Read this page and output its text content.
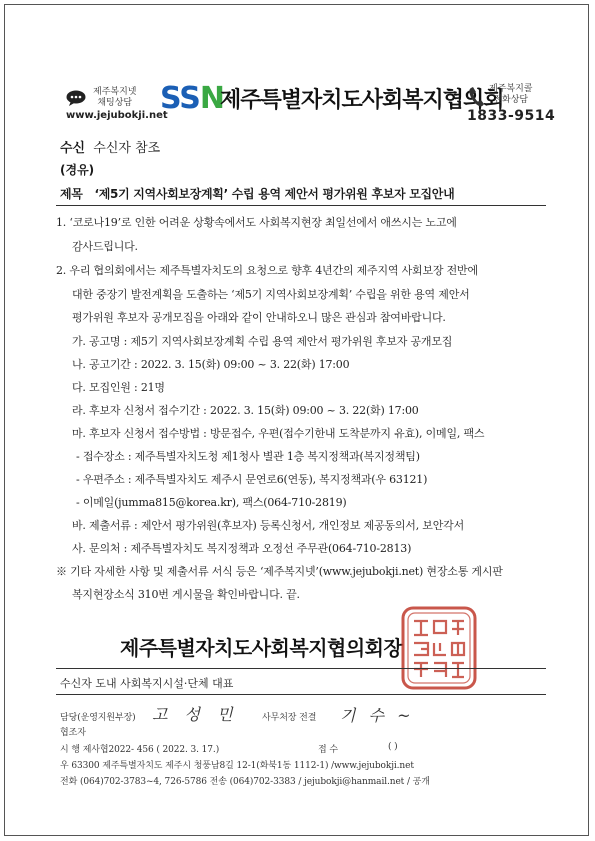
제주복지넷
채팅상담
www.jejubokji.net
SSN
제주특별자치도사회복지협의회
제주복지콜
전화상담
1833-9514
수신 수신자 참조
(경유)
제목 ‘제5기 지역사회보장계획’ 수립 용역 제안서 평가위원 후보자 모집안내
1. ‘코로나19’로 인한 어려운 상황속에서도 사회복지현장 최일선에서 애쓰시는 노고에
감사드립니다.
2. 우리 협의회에서는 제주특별자치도의 요청으로 향후 4년간의 제주지역 사회보장 전반에
대한 중장기 발전계획을 도출하는 ‘제5기 지역사회보장계획’ 수립을 위한 용역 제안서
평가위원 후보자 공개모집을 아래와 같이 안내하오니 많은 관심과 참여바랍니다.
가. 공고명 : 제5기 지역사회보장계획 수립 용역 제안서 평가위원 후보자 공개모집
나. 공고기간 : 2022. 3. 15(화) 09:00 ~ 3. 22(화) 17:00
다. 모집인원 : 21명
라. 후보자 신청서 접수기간 : 2022. 3. 15(화) 09:00 ~ 3. 22(화) 17:00
마. 후보자 신청서 접수방법 : 방문접수, 우편(접수기한내 도착분까지 유효), 이메일, 팩스
- 접수장소 : 제주특별자치도청 제1청사 별관 1층 복지정책과(복지정책팀)
- 우편주소 : 제주특별자치도 제주시 문연로6(연동), 복지정책과(우 63121)
- 이메일(jumma815@korea.kr), 팩스(064-710-2819)
바. 제출서류 : 제안서 평가위원(후보자) 등록신청서, 개인정보 제공동의서, 보안각서
사. 문의처 : 제주특별자치도 복지정책과 오정선 주무관(064-710-2813)
※ 기타 자세한 사항 및 제출서류 서식 등은 ‘제주복지넷’(www.jejubokji.net) 현장소통 게시판
복지현장소식 310번 게시물을 확인바랍니다. 끝.
제주특별자치도사회복지협의회장
수신자 도내 사회복지시설·단체 대표
담당(운영지원부장) 고 성 민	사무처장 전결 기 수 ~
협조자
시 행 제사협2022- 456 ( 2022. 3. 17.)	접 수	( )
우 63300 제주특별자치도 제주시 청풍남8길 12-1(화북1동 1112-1) /www.jejubokji.net
전화 (064)702-3783~4, 726-5786 전송 (064)702-3383 / jejubokji@hanmail.net / 공개
